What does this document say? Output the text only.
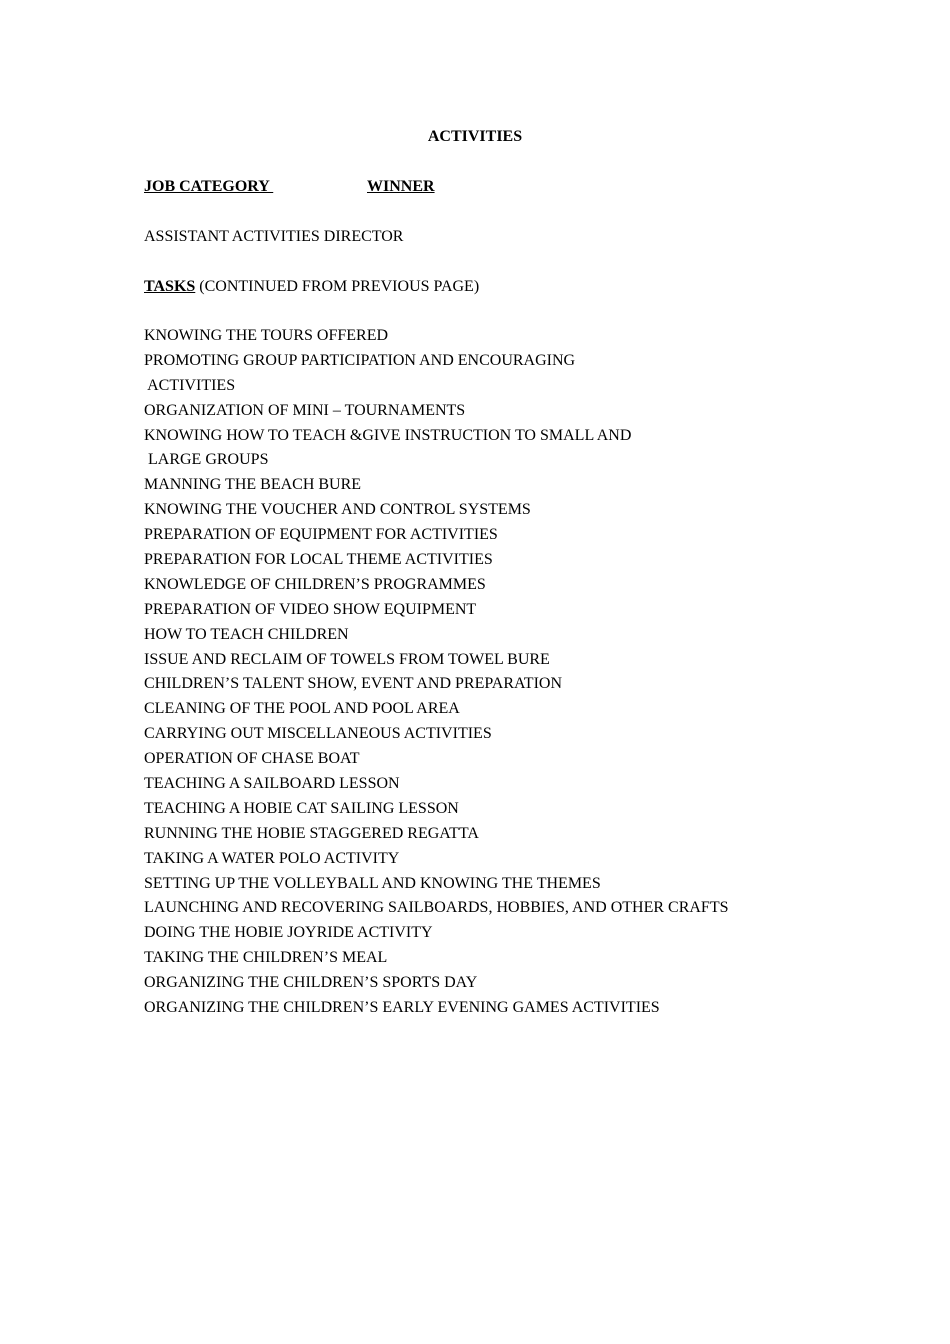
ACTIVITIES
JOB CATEGORY	WINNER
ASSISTANT ACTIVITIES DIRECTOR
TASKS (CONTINUED FROM PREVIOUS PAGE)
KNOWING THE TOURS OFFERED
PROMOTING GROUP PARTICIPATION AND ENCOURAGING
ACTIVITIES
ORGANIZATION OF MINI – TOURNAMENTS
KNOWING HOW TO TEACH &GIVE INSTRUCTION TO SMALL AND
LARGE GROUPS
MANNING THE BEACH BURE
KNOWING THE VOUCHER AND CONTROL SYSTEMS
PREPARATION OF EQUIPMENT FOR ACTIVITIES
PREPARATION FOR LOCAL THEME ACTIVITIES
KNOWLEDGE OF CHILDREN’S PROGRAMMES
PREPARATION OF VIDEO SHOW EQUIPMENT
HOW TO TEACH CHILDREN
ISSUE AND RECLAIM OF TOWELS FROM TOWEL BURE
CHILDREN’S TALENT SHOW, EVENT AND PREPARATION
CLEANING OF THE POOL AND POOL AREA
CARRYING OUT MISCELLANEOUS ACTIVITIES
OPERATION OF CHASE BOAT
TEACHING A SAILBOARD LESSON
TEACHING A HOBIE CAT SAILING LESSON
RUNNING THE HOBIE STAGGERED REGATTA
TAKING A WATER POLO ACTIVITY
SETTING UP THE VOLLEYBALL AND KNOWING THE THEMES
LAUNCHING AND RECOVERING SAILBOARDS, HOBBIES, AND OTHER CRAFTS
DOING THE HOBIE JOYRIDE ACTIVITY
TAKING THE CHILDREN’S MEAL
ORGANIZING THE CHILDREN’S SPORTS DAY
ORGANIZING THE CHILDREN’S EARLY EVENING GAMES ACTIVITIES
